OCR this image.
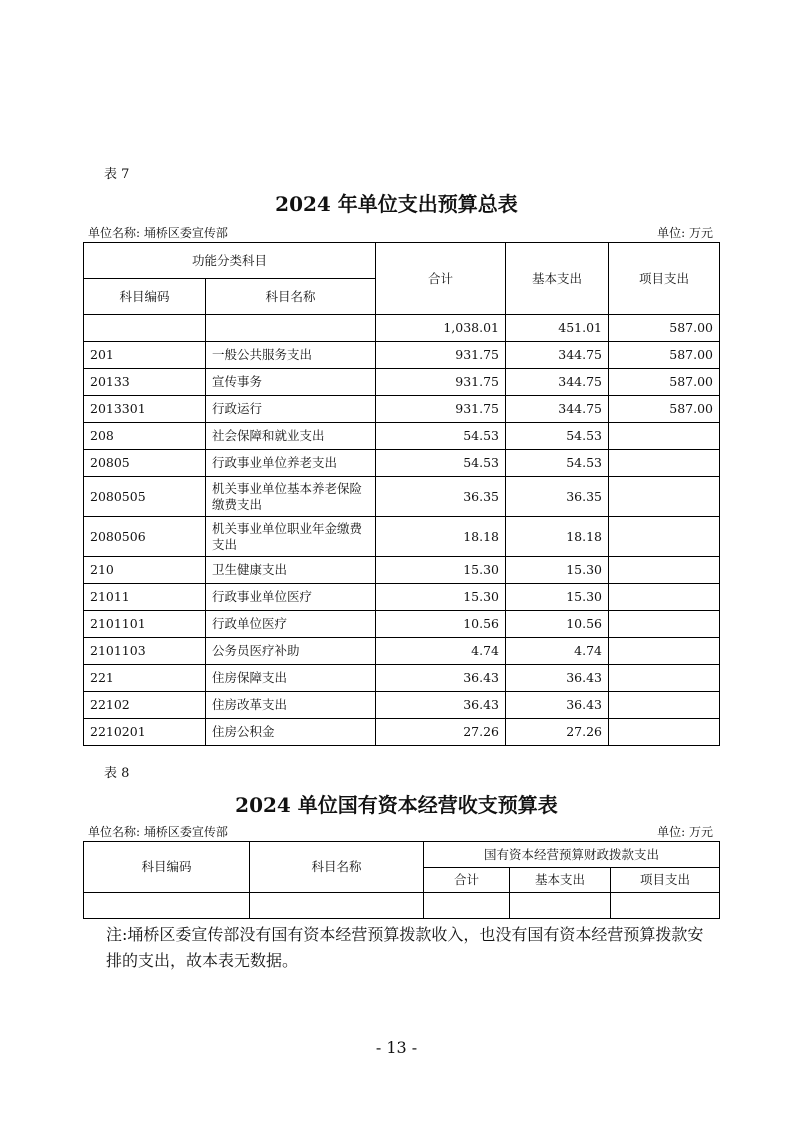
表 7
2024 年单位支出预算总表
单位名称: 埇桥区委宣传部	单位: 万元
功能分类科目		合计	基本支出	项目支出
科目编码	科目名称			
		1,038.01	451.01	587.00
201	一般公共服务支出	931.75	344.75	587.00
20133	宣传事务	931.75	344.75	587.00
2013301	行政运行	931.75	344.75	587.00
208	社会保障和就业支出	54.53	54.53	
20805	行政事业单位养老支出	54.53	54.53	
2080505	机关事业单位基本养老保险缴费支出	36.35	36.35	
2080506	机关事业单位职业年金缴费支出	18.18	18.18	
210	卫生健康支出	15.30	15.30	
21011	行政事业单位医疗	15.30	15.30	
2101101	行政单位医疗	10.56	10.56	
2101103	公务员医疗补助	4.74	4.74	
221	住房保障支出	36.43	36.43	
22102	住房改革支出	36.43	36.43	
2210201	住房公积金	27.26	27.26	
表 8
2024 单位国有资本经营收支预算表
单位名称: 埇桥区委宣传部	单位: 万元
科目编码	科目名称	国有资本经营预算财政拨款支出		
		合计	基本支出	项目支出

注:埇桥区委宣传部没有国有资本经营预算拨款收入，也没有国有资本经营预算拨款安排的支出，故本表无数据。
- 13 -
